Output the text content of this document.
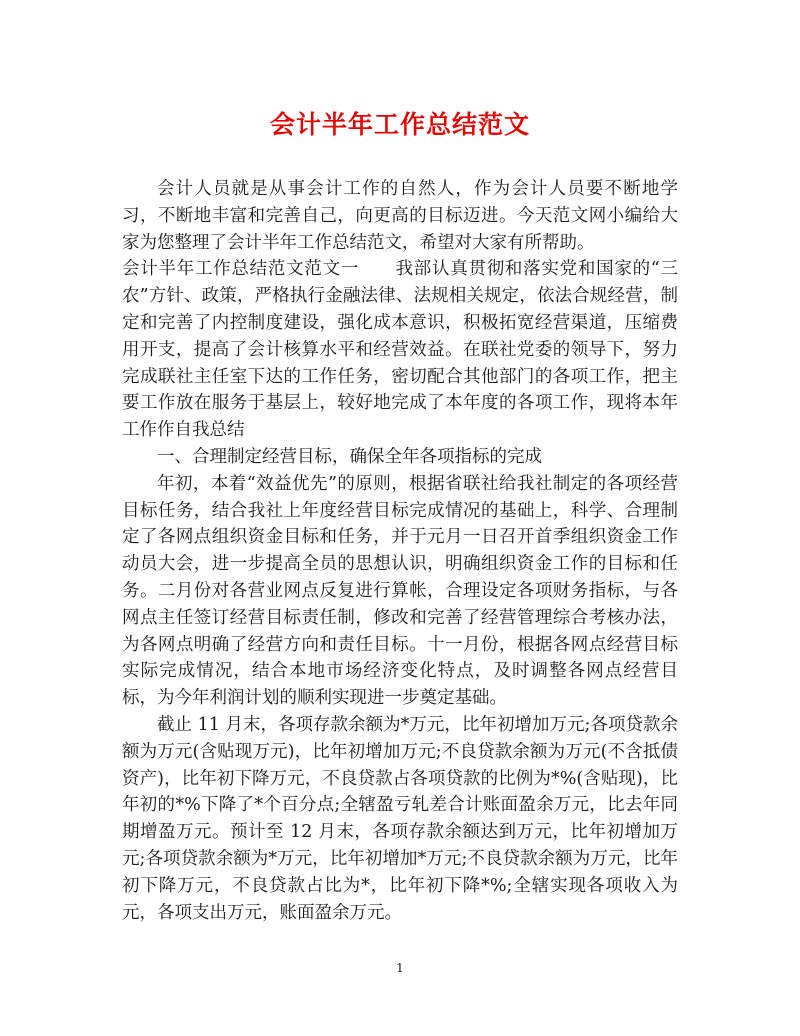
会计半年工作总结范文

会计人员就是从事会计工作的自然人，作为会计人员要不断地学习，不断地丰富和完善自己，向更高的目标迈进。今天范文网小编给大家为您整理了会计半年工作总结范文，希望对大家有所帮助。

会计半年工作总结范文范文一　　我部认真贯彻和落实党和国家的“三农”方针、政策，严格执行金融法律、法规相关规定，依法合规经营，制定和完善了内控制度建设，强化成本意识，积极拓宽经营渠道，压缩费用开支，提高了会计核算水平和经营效益。在联社党委的领导下，努力完成联社主任室下达的工作任务，密切配合其他部门的各项工作，把主要工作放在服务于基层上，较好地完成了本年度的各项工作，现将本年工作作自我总结

一、合理制定经营目标，确保全年各项指标的完成

年初，本着“效益优先”的原则，根据省联社给我社制定的各项经营目标任务，结合我社上年度经营目标完成情况的基础上，科学、合理制定了各网点组织资金目标和任务，并于元月一日召开首季组织资金工作动员大会，进一步提高全员的思想认识，明确组织资金工作的目标和任务。二月份对各营业网点反复进行算帐，合理设定各项财务指标，与各网点主任签订经营目标责任制，修改和完善了经营管理综合考核办法，为各网点明确了经营方向和责任目标。十一月份，根据各网点经营目标实际完成情况，结合本地市场经济变化特点，及时调整各网点经营目标，为今年利润计划的顺利实现进一步奠定基础。

截止 11 月末，各项存款余额为*万元，比年初增加万元;各项贷款余额为万元(含贴现万元)，比年初增加万元;不良贷款余额为万元(不含抵债资产)，比年初下降万元，不良贷款占各项贷款的比例为*%(含贴现)，比年初的*%下降了*个百分点;全辖盈亏轧差合计账面盈余万元，比去年同期增盈万元。预计至 12 月末，各项存款余额达到万元，比年初增加万元;各项贷款余额为*万元，比年初增加*万元;不良贷款余额为万元，比年初下降万元，不良贷款占比为*，比年初下降*%;全辖实现各项收入为元，各项支出万元，账面盈余万元。

1
